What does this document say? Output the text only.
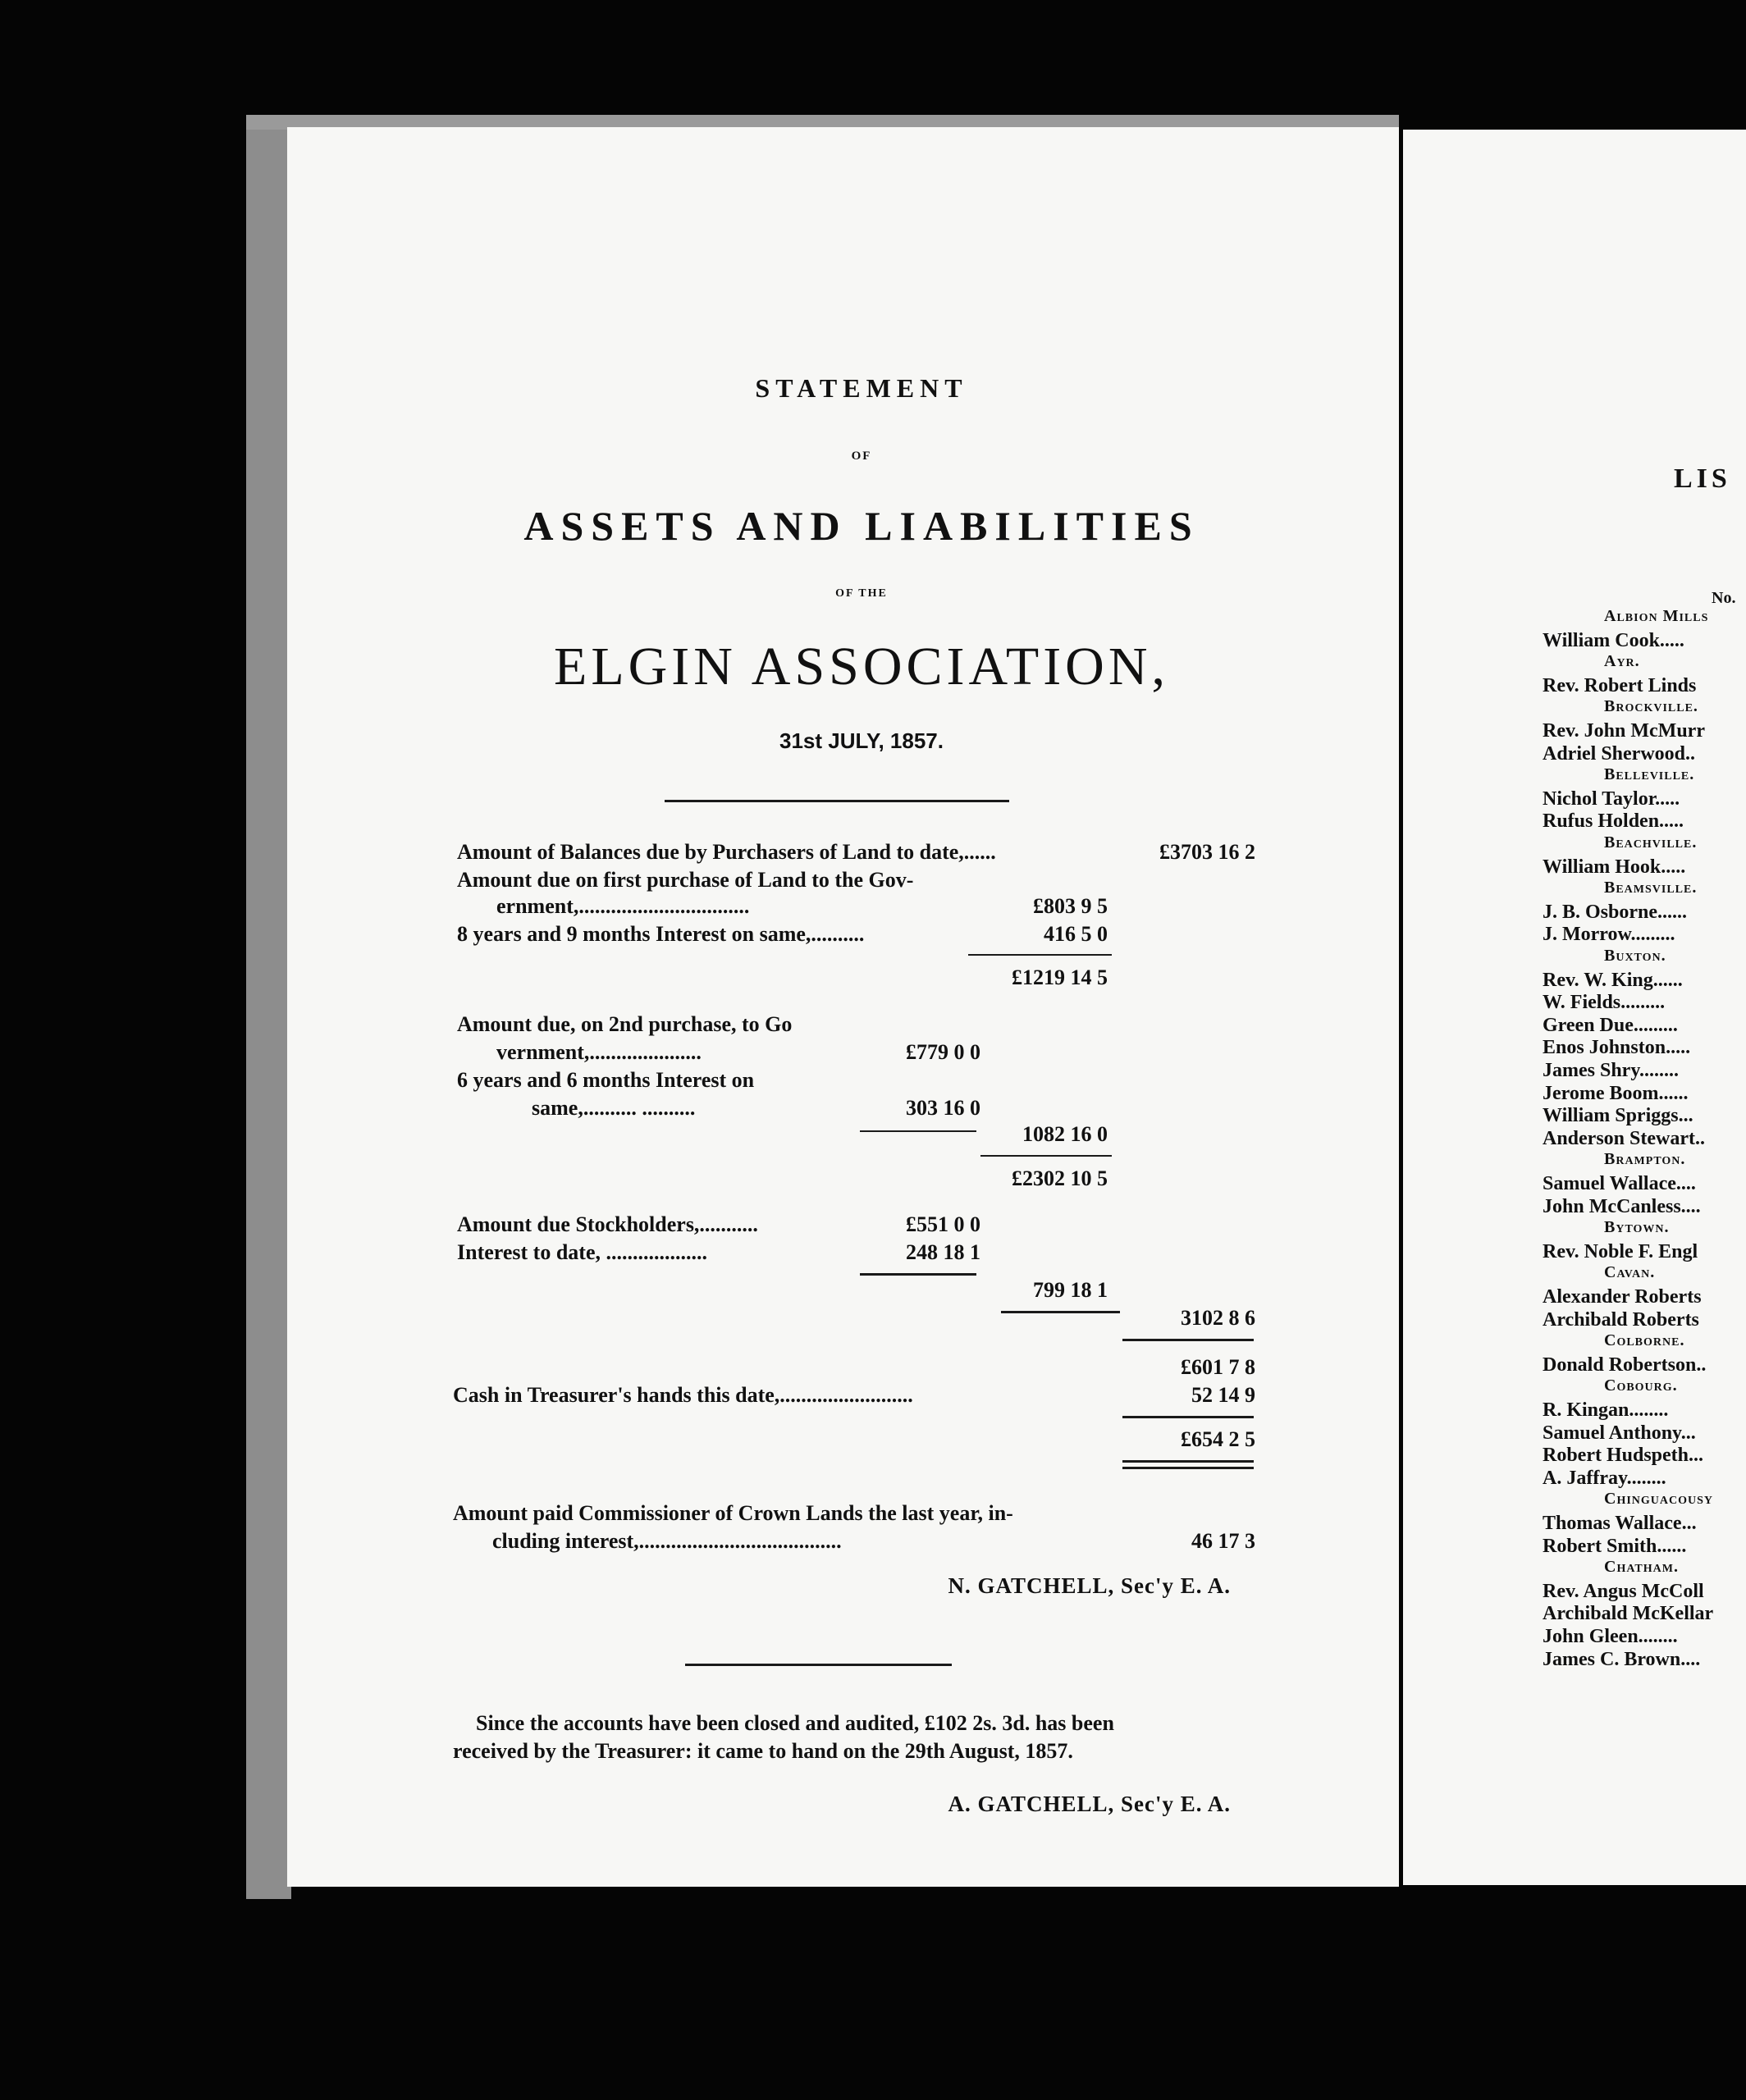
STATEMENT
OF
ASSETS AND LIABILITIES
OF THE
ELGIN ASSOCIATION,
31st JULY, 1857.
Amount of Balances due by Purchasers of Land to date,......	£3703 16 2
Amount due on first purchase of Land to the Gov-
ernment,................................	£803 9 5
8 years and 9 months Interest on same,..........	416 5 0
£1219 14 5
Amount due, on 2nd purchase, to Go
vernment,.....................	£779 0 0
6 years and 6 months Interest on
same,.......... ..........	303 16 0
1082 16 0
£2302 10 5
Amount due Stockholders,...........	£551 0 0
Interest to date, ...................	248 18 1
799 18 1
3102 8 6
£601 7 8
Cash in Treasurer's hands this date,.........................	52 14 9
£654 2 5
Amount paid Commissioner of Crown Lands the last year, in-
cluding interest,......................................	46 17 3
N. GATCHELL, Sec'y E. A.
Since the accounts have been closed and audited, £102 2s. 3d. has been
received by the Treasurer: it came to hand on the 29th August, 1857.
A. GATCHELL, Sec'y E. A.
LIS
No.
Albion Mills
William Cook.....
Ayr.
Rev. Robert Linds
Brockville.
Rev. John McMurr
Adriel Sherwood..
Belleville.
Nichol Taylor.....
Rufus Holden.....
Beachville.
William Hook.....
Beamsville.
J. B. Osborne......
J. Morrow.........
Buxton.
Rev. W. King......
W. Fields.........
Green Due.........
Enos Johnston.....
James Shry........
Jerome Boom......
William Spriggs...
Anderson Stewart..
Brampton.
Samuel Wallace....
John McCanless....
Bytown.
Rev. Noble F. Engl
Cavan.
Alexander Roberts
Archibald Roberts
Colborne.
Donald Robertson..
Cobourg.
R. Kingan........
Samuel Anthony...
Robert Hudspeth...
A. Jaffray........
Chinguacousy
Thomas Wallace...
Robert Smith......
Chatham.
Rev. Angus McColl
Archibald McKellar
John Gleen........
James C. Brown....
